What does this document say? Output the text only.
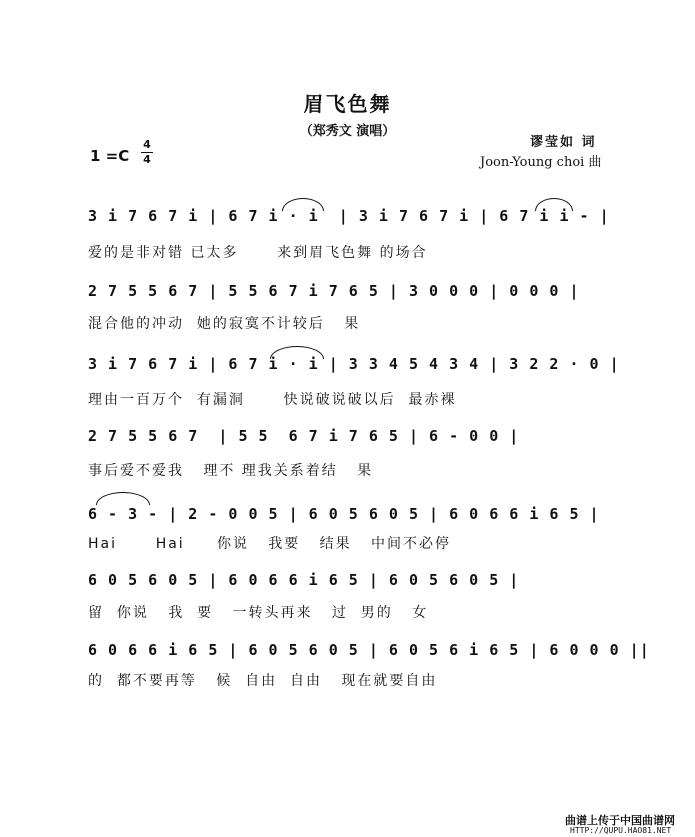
眉飞色舞
（郑秀文 演唱）
1 =C
4
4
谬莹如 词
Joon-Young choi 曲
3 i 7 6 7 i | 6 7 i · i  | 3 i 7 6 7 i | 6 7 i i - |
爱的是非对错 已太多      来到眉飞色舞 的场合
2 7 5 5 6 7 | 5 5 6 7 i 7 6 5 | 3 0 0 0 | 0 0 0 |
混合他的冲动  她的寂寞不计较后   果
3 i 7 6 7 i | 6 7 i · i | 3 3 4 5 4 3 4 | 3 2 2 · 0 |
理由一百万个  有漏洞      快说破说破以后  最赤裸
2 7 5 5 6 7  | 5 5  6 7 i 7 6 5 | 6 - 0 0 |
事后爱不爱我   理不 理我关系着结   果
6 - 3 - | 2 - 0 0 5 | 6 0 5 6 0 5 | 6 0 6 6 i 6 5 |
Hai      Hai     你说   我要   结果   中间不必停
6 0 5 6 0 5 | 6 0 6 6 i 6 5 | 6 0 5 6 0 5 |
留  你说   我  要   一转头再来   过  男的   女
6 0 6 6 i 6 5 | 6 0 5 6 0 5 | 6 0 5 6 i 6 5 | 6 0 0 0 ||
的  都不要再等   候  自由  自由   现在就要自由
曲谱上传于中国曲谱网
HTTP://QUPU.HAO81.NET
